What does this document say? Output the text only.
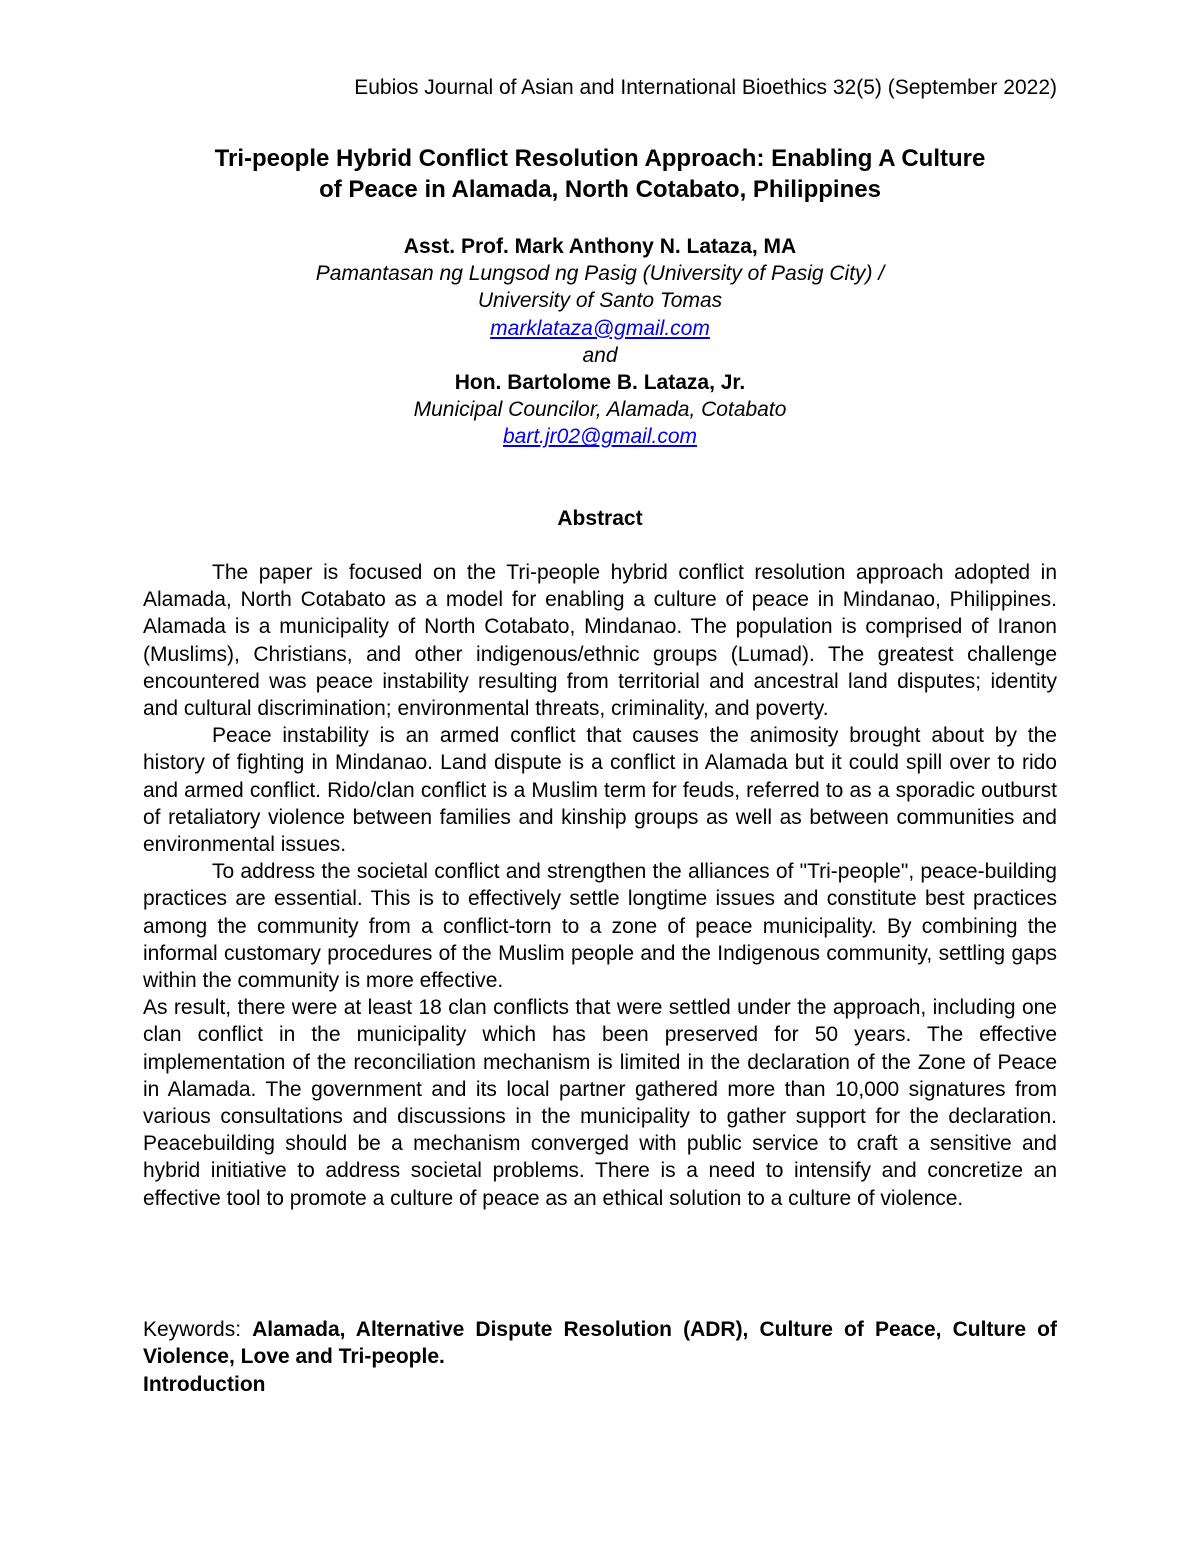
Eubios Journal of Asian and International Bioethics 32(5) (September 2022)
Tri-people Hybrid Conflict Resolution Approach: Enabling A Culture
of Peace in Alamada, North Cotabato, Philippines
Asst. Prof. Mark Anthony N. Lataza, MA
Pamantasan ng Lungsod ng Pasig (University of Pasig City) /
University of Santo Tomas
marklataza@gmail.com
and
Hon. Bartolome B. Lataza, Jr.
Municipal Councilor, Alamada, Cotabato
bart.jr02@gmail.com
Abstract

The paper is focused on the Tri-people hybrid conflict resolution approach adopted in Alamada, North Cotabato as a model for enabling a culture of peace in Mindanao, Philippines. Alamada is a municipality of North Cotabato, Mindanao. The population is comprised of Iranon (Muslims), Christians, and other indigenous/ethnic groups (Lumad). The greatest challenge encountered was peace instability resulting from territorial and ancestral land disputes; identity and cultural discrimination; environmental threats, criminality, and poverty.

Peace instability is an armed conflict that causes the animosity brought about by the history of fighting in Mindanao. Land dispute is a conflict in Alamada but it could spill over to rido and armed conflict. Rido/clan conflict is a Muslim term for feuds, referred to as a sporadic outburst of retaliatory violence between families and kinship groups as well as between communities and environmental issues.

To address the societal conflict and strengthen the alliances of "Tri-people", peace-building practices are essential. This is to effectively settle longtime issues and constitute best practices among the community from a conflict-torn to a zone of peace municipality. By combining the informal customary procedures of the Muslim people and the Indigenous community, settling gaps within the community is more effective.

As result, there were at least 18 clan conflicts that were settled under the approach, including one clan conflict in the municipality which has been preserved for 50 years. The effective implementation of the reconciliation mechanism is limited in the declaration of the Zone of Peace in Alamada. The government and its local partner gathered more than 10,000 signatures from various consultations and discussions in the municipality to gather support for the declaration. Peacebuilding should be a mechanism converged with public service to craft a sensitive and hybrid initiative to address societal problems. There is a need to intensify and concretize an effective tool to promote a culture of peace as an ethical solution to a culture of violence.

Keywords: Alamada, Alternative Dispute Resolution (ADR), Culture of Peace, Culture of Violence, Love and Tri-people.
Introduction
